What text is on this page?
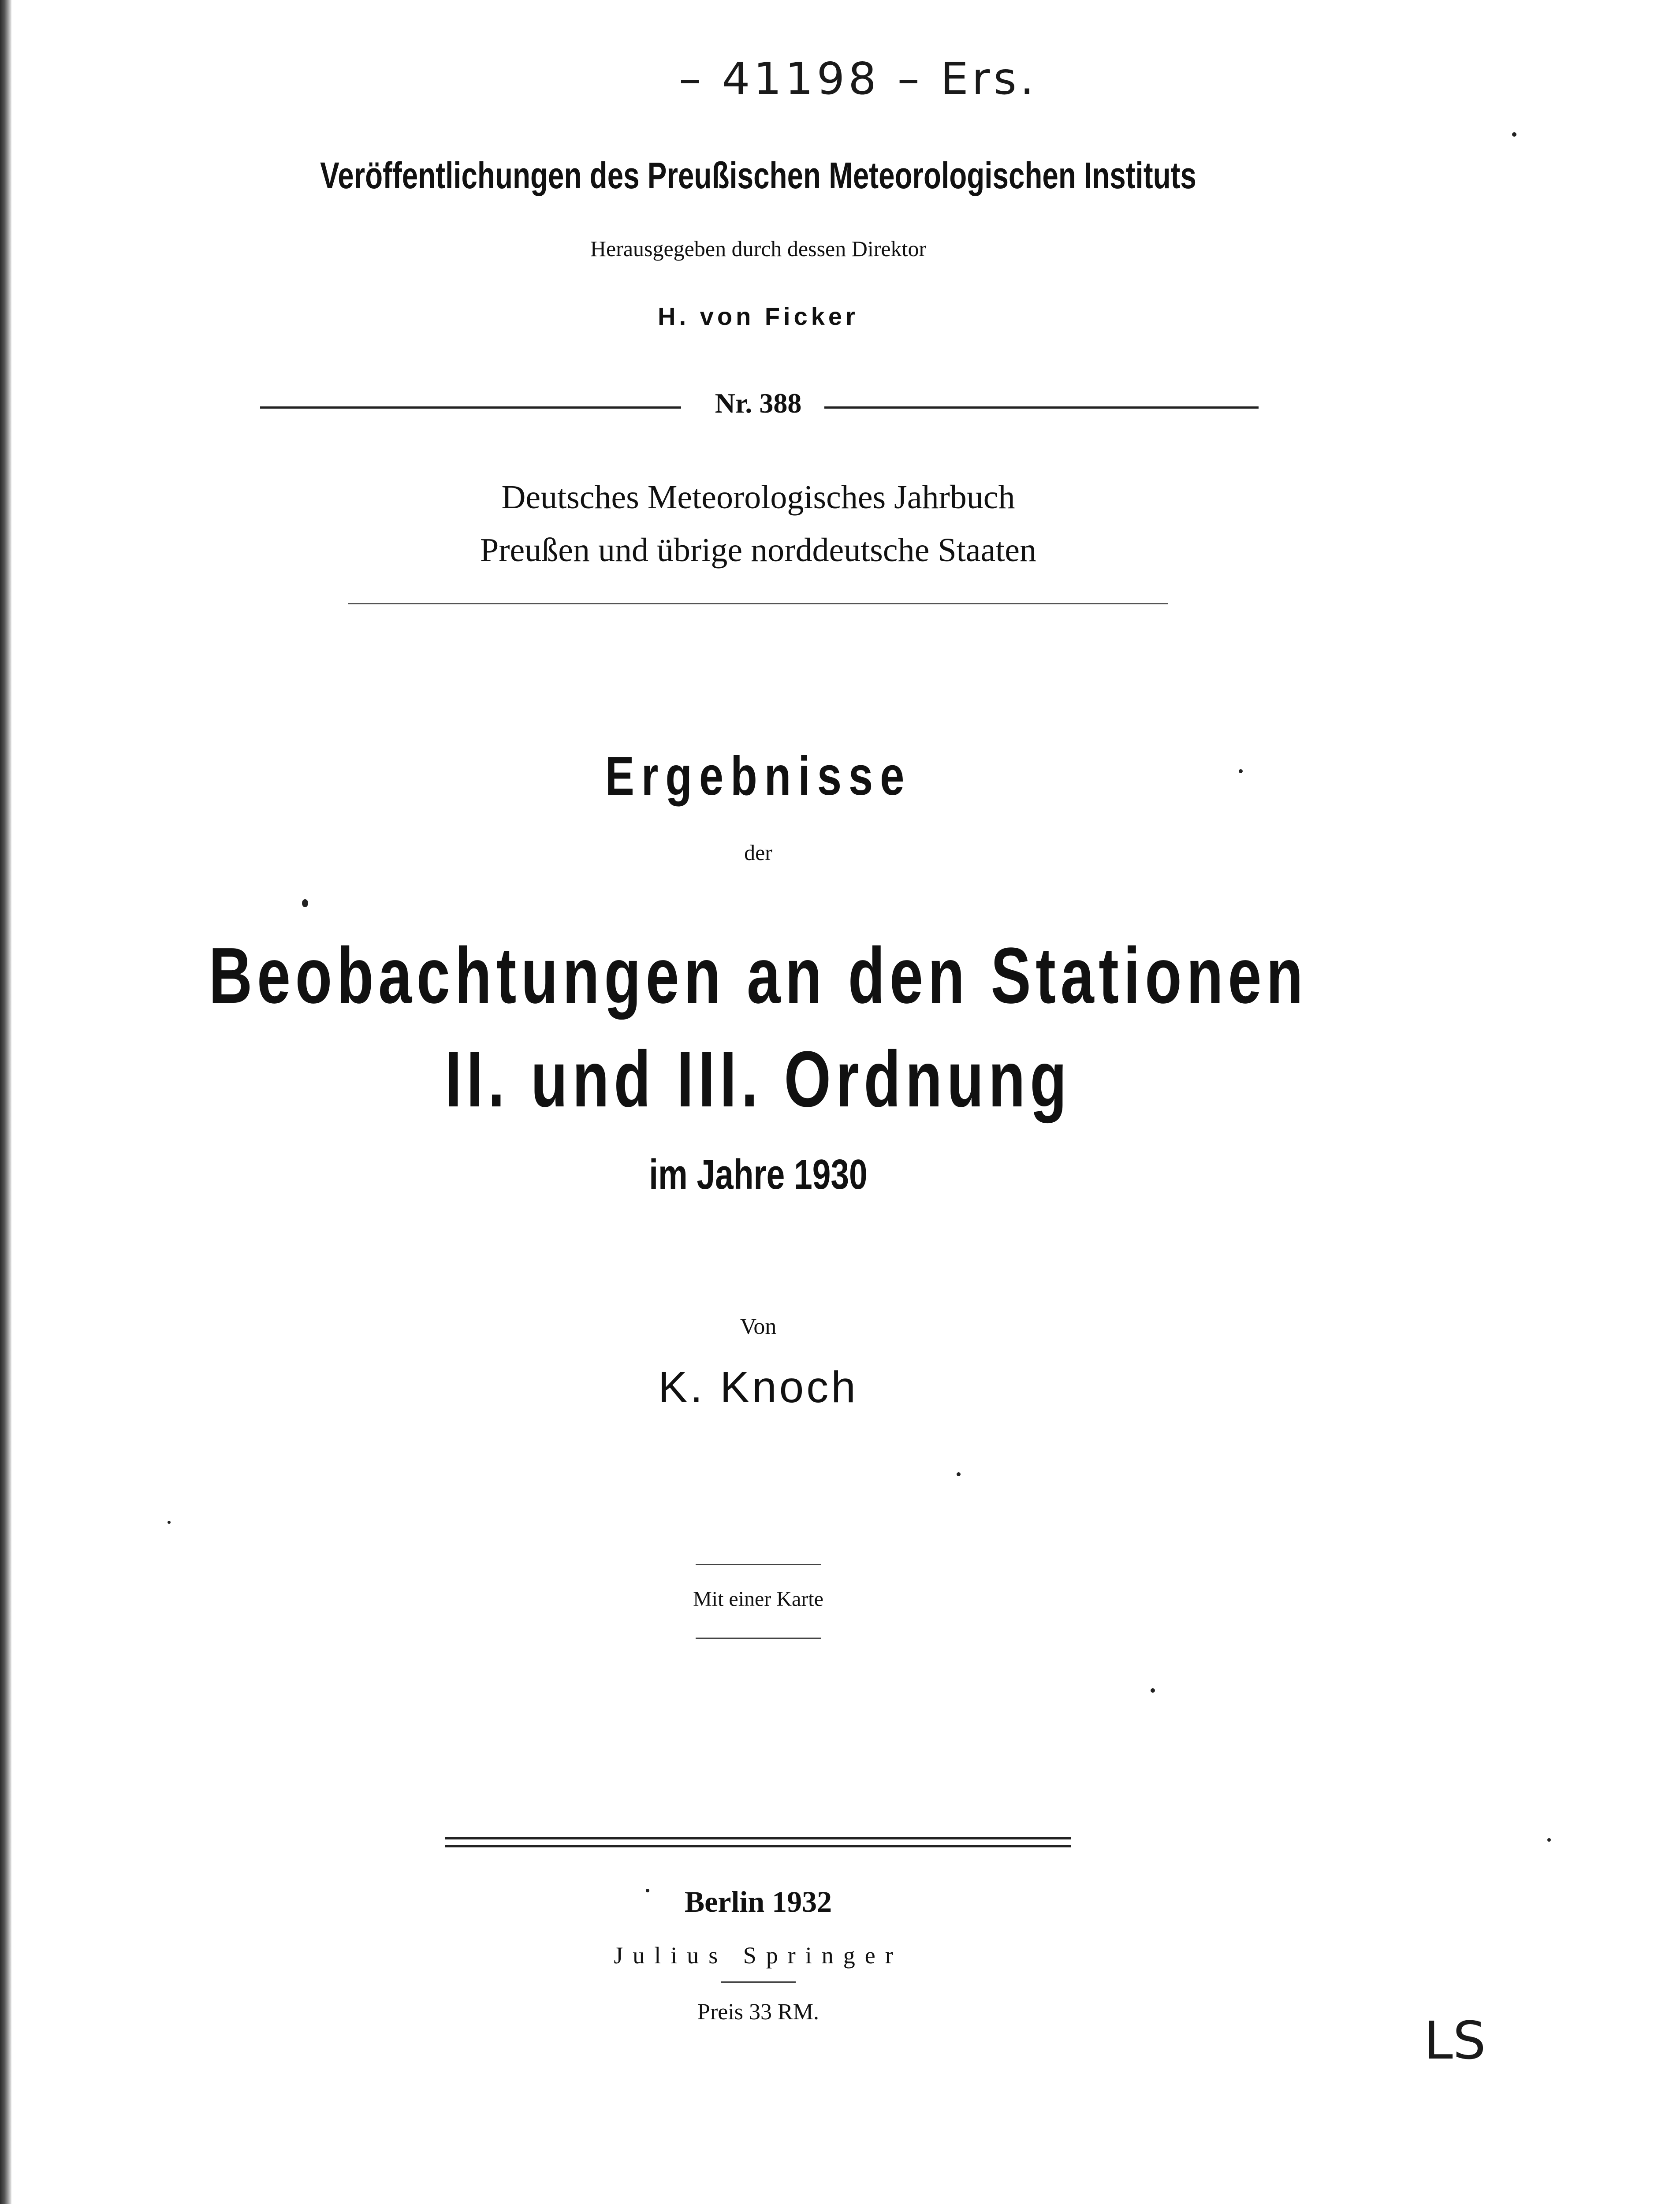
– 41198 – Ers.
Veröffentlichungen des Preußischen Meteorologischen Instituts
Herausgegeben durch dessen Direktor
H. von Ficker
Nr. 388
Deutsches Meteorologisches Jahrbuch
Preußen und übrige norddeutsche Staaten
Ergebnisse
der
Beobachtungen an den Stationen
II. und III. Ordnung
im Jahre 1930
Von
K. Knoch
Mit einer Karte
Berlin 1932
Julius Springer
Preis 33 RM.	LS
